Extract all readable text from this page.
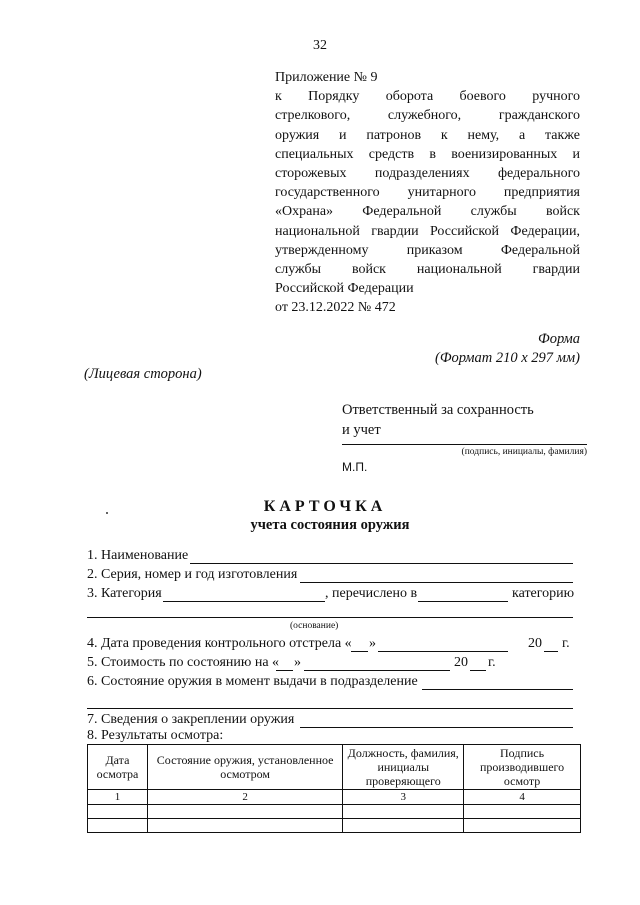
32
Приложение № 9
к Порядку оборота боевого ручного
стрелкового, служебного, гражданского
оружия и патронов к нему, а также
специальных средств в военизированных и
сторожевых подразделениях федерального
государственного унитарного предприятия
«Охрана» Федеральной службы войск
национальной гвардии Российской Федерации,
утвержденному приказом Федеральной
службы войск национальной гвардии
Российской Федерации
от 23.12.2022 № 472
Форма
(Формат 210 х 297 мм)
(Лицевая сторона)
Ответственный за сохранность
и учет
(подпись, инициалы, фамилия)
М.П.
КАРТОЧКА
учета состояния оружия
1. Наименование
2. Серия, номер и год изготовления
3. Категория	, перечислено в	категорию
(основание)
4. Дата проведения контрольного отстрела « »	20 г.
5. Стоимость по состоянию на « »	20 г.
6. Состояние оружия в момент выдачи в подразделение
7. Сведения о закреплении оружия
8. Результаты осмотра:
Дата осмотра	Состояние оружия, установленное осмотром	Должность, фамилия, инициалы проверяющего	Подпись производившего осмотр
1	2	3	4
